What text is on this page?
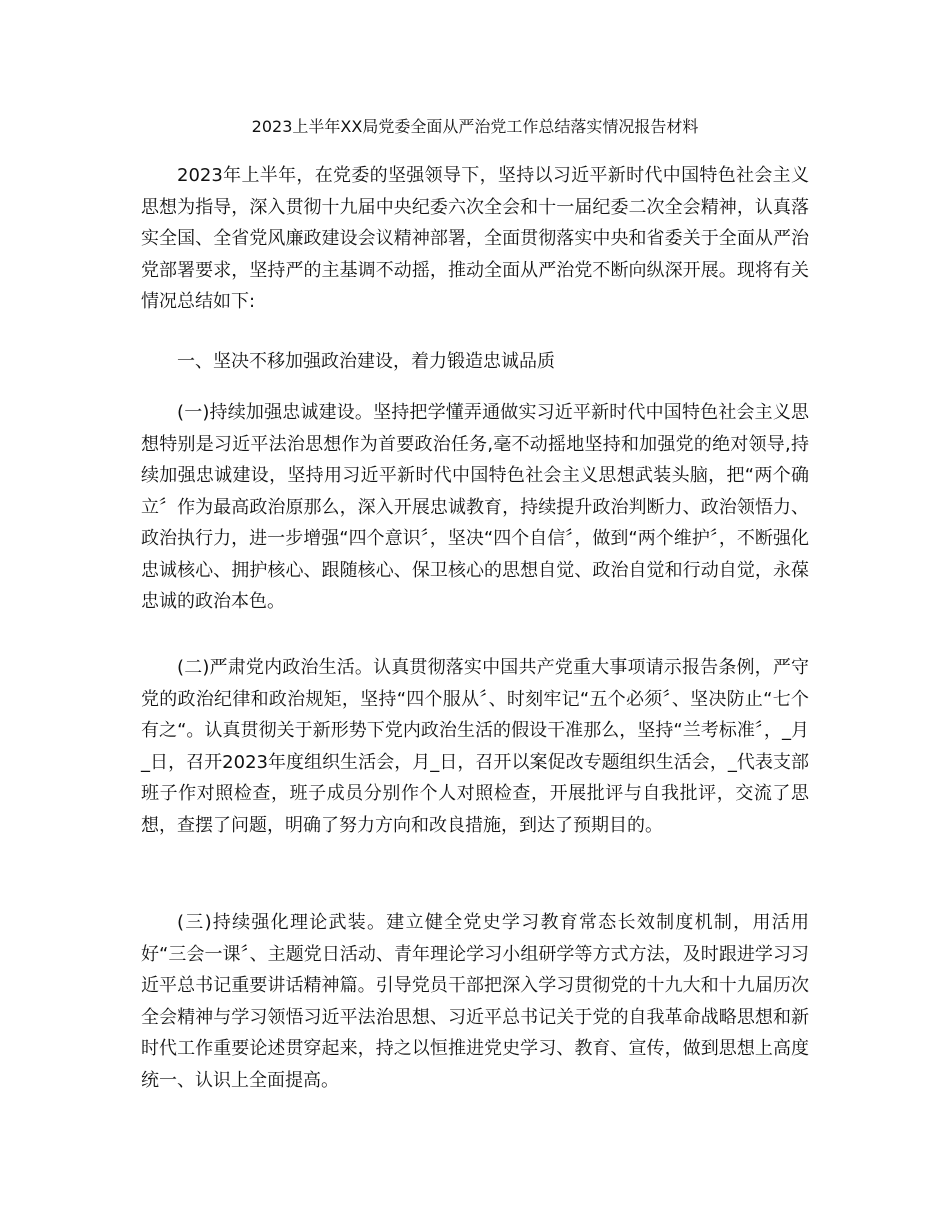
2023上半年XX局党委全面从严治党工作总结落实情况报告材料

2023年上半年，在党委的坚强领导下，坚持以习近平新时代中国特色社会主义思想为指导，深入贯彻十九届中央纪委六次全会和十一届纪委二次全会精神，认真落实全国、全省党风廉政建设会议精神部署，全面贯彻落实中央和省委关于全面从严治党部署要求，坚持严的主基调不动摇，推动全面从严治党不断向纵深开展。现将有关情况总结如下:

一、坚决不移加强政治建设，着力锻造忠诚品质

(一)持续加强忠诚建设。坚持把学懂弄通做实习近平新时代中国特色社会主义思想特别是习近平法治思想作为首要政治任务,毫不动摇地坚持和加强党的绝对领导,持续加强忠诚建设，坚持用习近平新时代中国特色社会主义思想武装头脑，把“两个确立〞作为最高政治原那么，深入开展忠诚教育，持续提升政治判断力、政治领悟力、政治执行力，进一步增强“四个意识〞，坚决“四个自信〞，做到“两个维护〞，不断强化忠诚核心、拥护核心、跟随核心、保卫核心的思想自觉、政治自觉和行动自觉，永葆忠诚的政治本色。

(二)严肃党内政治生活。认真贯彻落实中国共产党重大事项请示报告条例，严守党的政治纪律和政治规矩，坚持“四个服从〞、时刻牢记“五个必须〞、坚决防止“七个有之“。认真贯彻关于新形势下党内政治生活的假设干准那么，坚持“兰考标准〞，_月_日，召开2023年度组织生活会，月_日，召开以案促改专题组织生活会，_代表支部班子作对照检查，班子成员分别作个人对照检查，开展批评与自我批评，交流了思想，查摆了问题，明确了努力方向和改良措施，到达了预期目的。

(三)持续强化理论武装。建立健全党史学习教育常态长效制度机制，用活用好“三会一课〞、主题党日活动、青年理论学习小组研学等方式方法，及时跟进学习习近平总书记重要讲话精神篇。引导党员干部把深入学习贯彻党的十九大和十九届历次全会精神与学习领悟习近平法治思想、习近平总书记关于党的自我革命战略思想和新时代工作重要论述贯穿起来，持之以恒推进党史学习、教育、宣传，做到思想上高度统一、认识上全面提高。
